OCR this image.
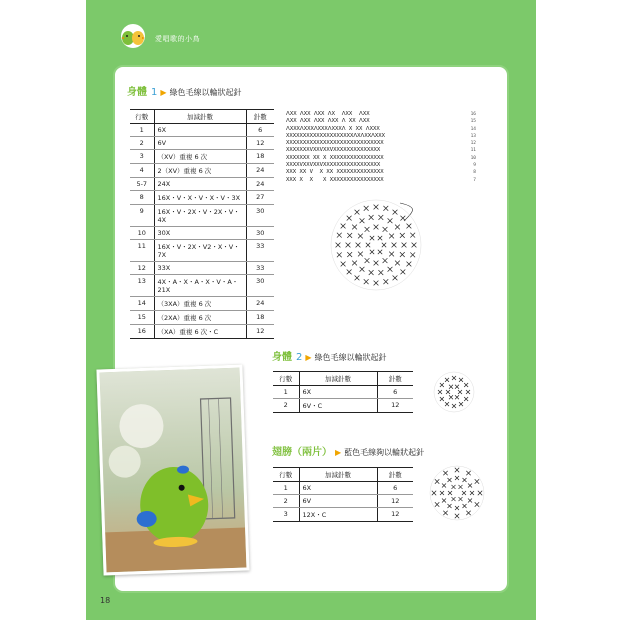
愛唱歌的小鳥
身體 1 ▶ 綠色毛線以輪狀起針
行數	加減針數	針數
1	6X	6
2	6V	12
3	（XV）重複 6 次	18
4	2（XV）重複 6 次	24
5-7	24X	24
8	16X・V・X・V・X・V・3X	27
9	16X・V・2X・V・2X・V・4X	30
10	30X	30
11	16X・V・2X・V2・X・V・7X	33
12	33X	33
13	4X・A・X・A・X・V・A・21X	30
14	（3XA）重複 6 次	24
15	（2XA）重複 6 次	18
16	（XA）重複 6 次・C	12
ᐱXX ᐱXX ᐱXX ᐱX  ᐱXX  ᐱXX	16
ᐱXX ᐱXX ᐱXX ᐱXX ᐱ XX ᐱXX	15
ᐱXXXᐱXXXᐱXXXᐱXXXᐱ X XX ᐱXXX	14
XXXXXXXXXXXXXXXXXXXXᐱXᐱXXᐱXXX	13
XXXXXXXXXXXXXXXXXXXXXXXXXXXXX	12
XXXXXXXVXXVXXVXXXXXXXXXXXXXX	11
XXXXXXX XX X XXXXXXXXXXXXXXXX	10
XXXXVXXVXXVXXXXXXXXXXXXXXXXX	9
XXX XX V  X XX XXXXXXXXXXXXXX	8
XXX X  X   X XXXXXXXXXXXXXXXX	7
身體 2 ▶ 綠色毛線以輪狀起針
行數	加減針數	針數
1	6X	6
2	6V・C	12
翅膀（兩片） ▶ 藍色毛線夠以輪狀起針
行數	加減針數	針數
1	6X	6
2	6V	12
3	12X・C	12
18
